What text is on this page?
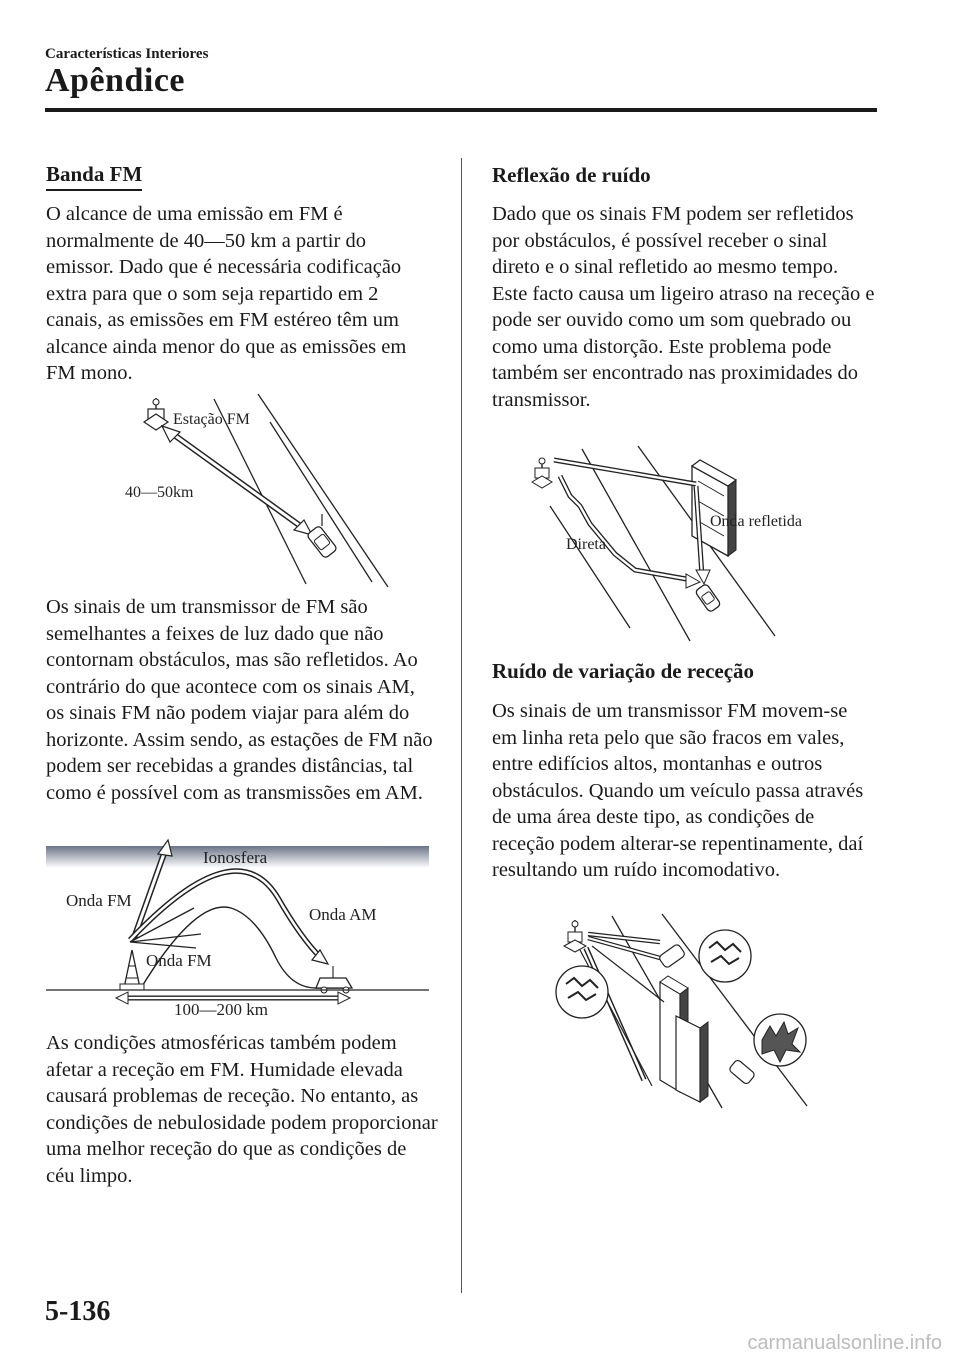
Características Interiores
Apêndice
Banda FM

O alcance de uma emissão em FM é normalmente de 40―50 km a partir do emissor. Dado que é necessária codificação extra para que o som seja repartido em 2 canais, as emissões em FM estéreo têm um alcance ainda menor do que as emissões em FM mono.

Estação FM
40―50km

Os sinais de um transmissor de FM são semelhantes a feixes de luz dado que não contornam obstáculos, mas são refletidos. Ao contrário do que acontece com os sinais AM, os sinais FM não podem viajar para além do horizonte. Assim sendo, as estações de FM não podem ser recebidas a grandes distâncias, tal como é possível com as transmissões em AM.

Ionosfera
Onda FM
Onda AM
Onda FM
100―200 km

As condições atmosféricas também podem afetar a receção em FM. Humidade elevada causará problemas de receção. No entanto, as condições de nebulosidade podem proporcionar uma melhor receção do que as condições de céu limpo.

Reflexão de ruído

Dado que os sinais FM podem ser refletidos por obstáculos, é possível receber o sinal direto e o sinal refletido ao mesmo tempo. Este facto causa um ligeiro atraso na receção e pode ser ouvido como um som quebrado ou como uma distorção. Este problema pode também ser encontrado nas proximidades do transmissor.

Onda refletida
Direta
Ruído de variação de receção

Os sinais de um transmissor FM movem-se em linha reta pelo que são fracos em vales, entre edifícios altos, montanhas e outros obstáculos. Quando um veículo passa através de uma área deste tipo, as condições de receção podem alterar-se repentinamente, daí resultando um ruído incomodativo.

5-136
carmanualsonline.info
